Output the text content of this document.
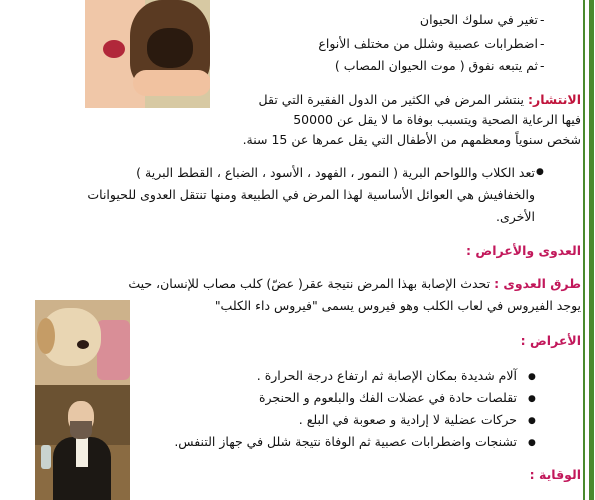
تغير في سلوك الحيوان -
اضطرابات عصبية وشلل من مختلف الأنواع -
ثم يتبعه نفوق ( موت الحيوان المصاب ) -
الانتشار: ينتشر المرض في الكثير من الدول الفقيرة التي تقل
فيها الرعاية الصحية ويتسبب بوفاة ما لا يقل عن 50000
شخص سنوياً ومعظمهم من الأطفال التي يقل عمرها عن 15 سنة.
●
تعد الكلاب واللواحم البرية ( النمور ، الفهود ، الأسود ، الضباع ، القطط البرية )
والخفافيش هي العوائل الأساسية لهذا المرض في الطبيعة ومنها تنتقل العدوى للحيوانات
الأخرى.
العدوى والأعراض :
طرق العدوى : تحدث الإصابة بهذا المرض نتيجة عقر( عضّ) كلب مصاب للإنسان، حيث
يوجد الفيروس في لعاب الكلب وهو فيروس يسمى "فيروس داء الكلب"
الأعراض :
●
آلام شديدة بمكان الإصابة ثم ارتفاع درجة الحرارة .
●
تقلصات حادة في عضلات الفك والبلعوم و الحنجرة
●
حركات عضلية لا إرادية و صعوبة في البلع .
●
تشنجات واضطرابات عصبية ثم الوفاة نتيجة شلل في جهاز التنفس.
الوقاية :
